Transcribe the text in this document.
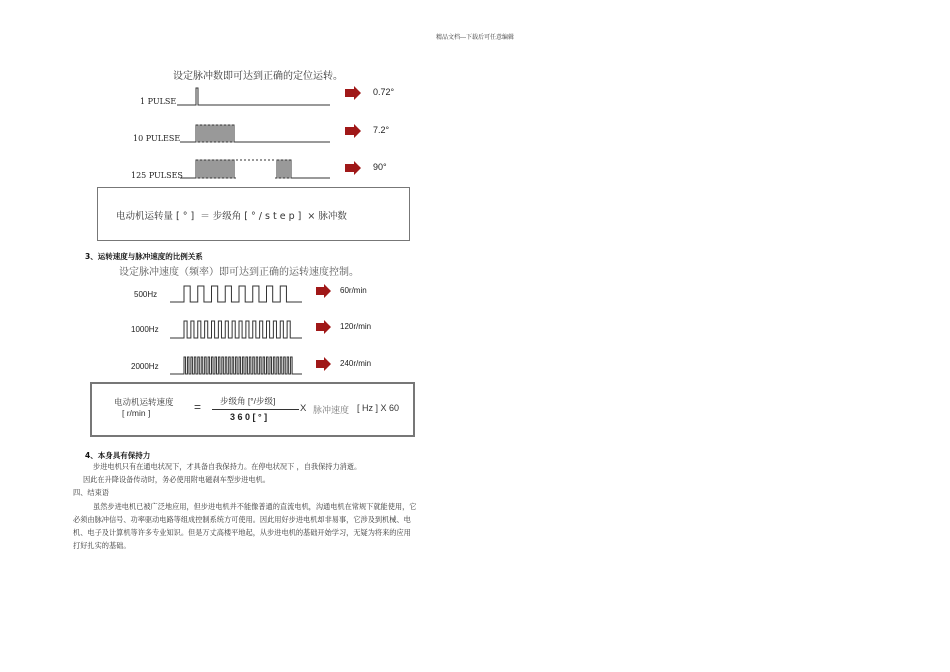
精品文档---下载后可任意编辑
设定脉冲数即可达到正确的定位运转。
1 PULSE
10 PULESE
125 PULSES
0.72°
7.2°
90°
电动机运转量 [ ° ]  ＝ 步级角 [ ° / s t e p ]  × 脉冲数
3、运转速度与脉冲速度的比例关系
设定脉冲速度（频率）即可达到正确的运转速度控制。
500Hz
1000Hz
2000Hz
60r/min
120r/min
240r/min
电动机运转速度
[ r/min ]	= 步级角 [°/步级]
3 6 0 [ ° ]
X 脉冲速度 [ Hz ] X 60
4、本身具有保持力
步进电机只有在通电状况下，才具备自我保持力。在停电状况下 ，自我保持力消逝。
因此在升降设备传动时，务必使用附电磁刹车型步进电机。
四、结束语
虽然步进电机已被广泛地应用，但步进电机并不能像普通的直流电机，沟通电机在常规下就能使用，它
必须由脉冲信号、功率驱动电路等组成控制系统方可使用。因此用好步进电机却非易事，它涉及到机械、电
机、电子及计算机等许多专业知识。但是万丈高楼平地起，从步进电机的基础开始学习，无疑为将来的应用
打好扎实的基础。
